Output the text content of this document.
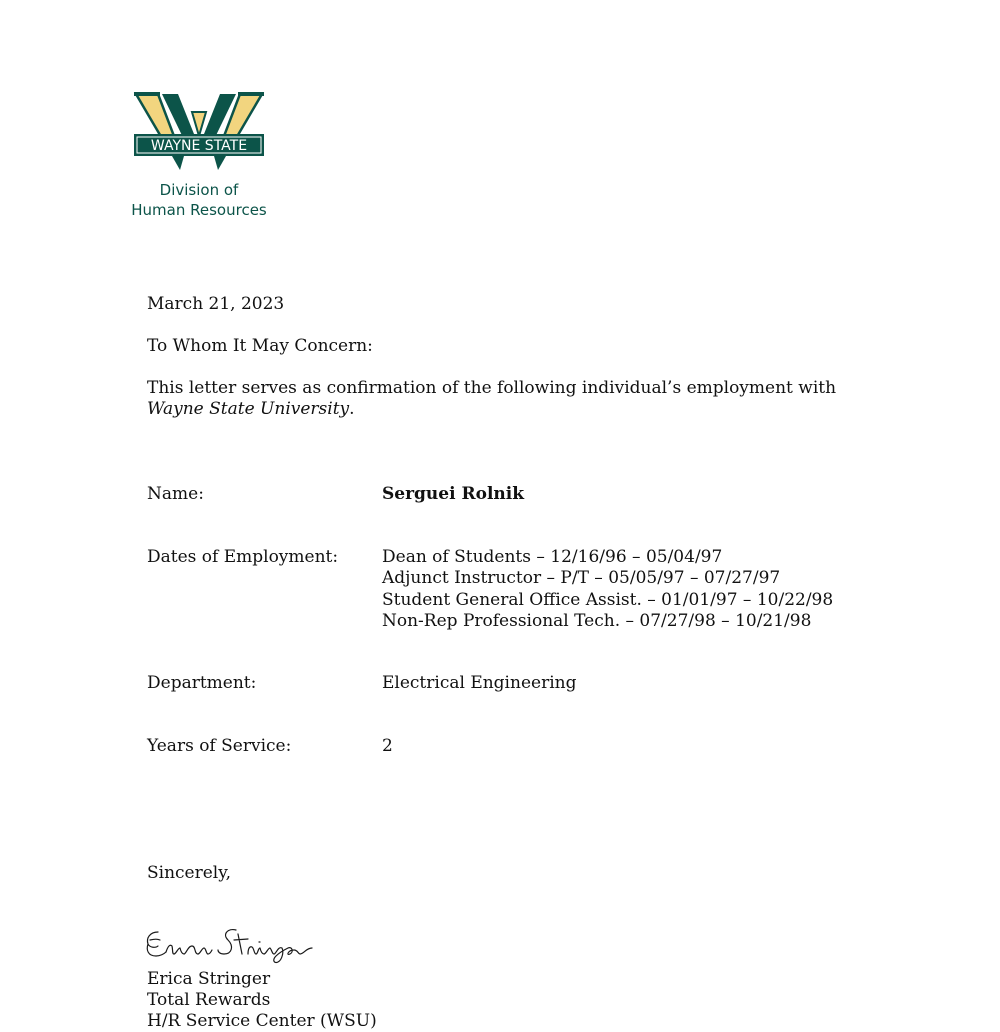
WAYNE STATE
Division of
Human Resources
March 21, 2023
To Whom It May Concern:
This letter serves as confirmation of the following individual’s employment with Wayne State University.
Name:	Serguei Rolnik
Dates of Employment:	Dean of Students – 12/16/96 – 05/04/97
Adjunct Instructor – P/T – 05/05/97 – 07/27/97
Student General Office Assist. – 01/01/97 – 10/22/98
Non-Rep Professional Tech. – 07/27/98 – 10/21/98
Department:	Electrical Engineering
Years of Service:	2
Sincerely,
Erica Stringer
Total Rewards
H/R Service Center (WSU)
